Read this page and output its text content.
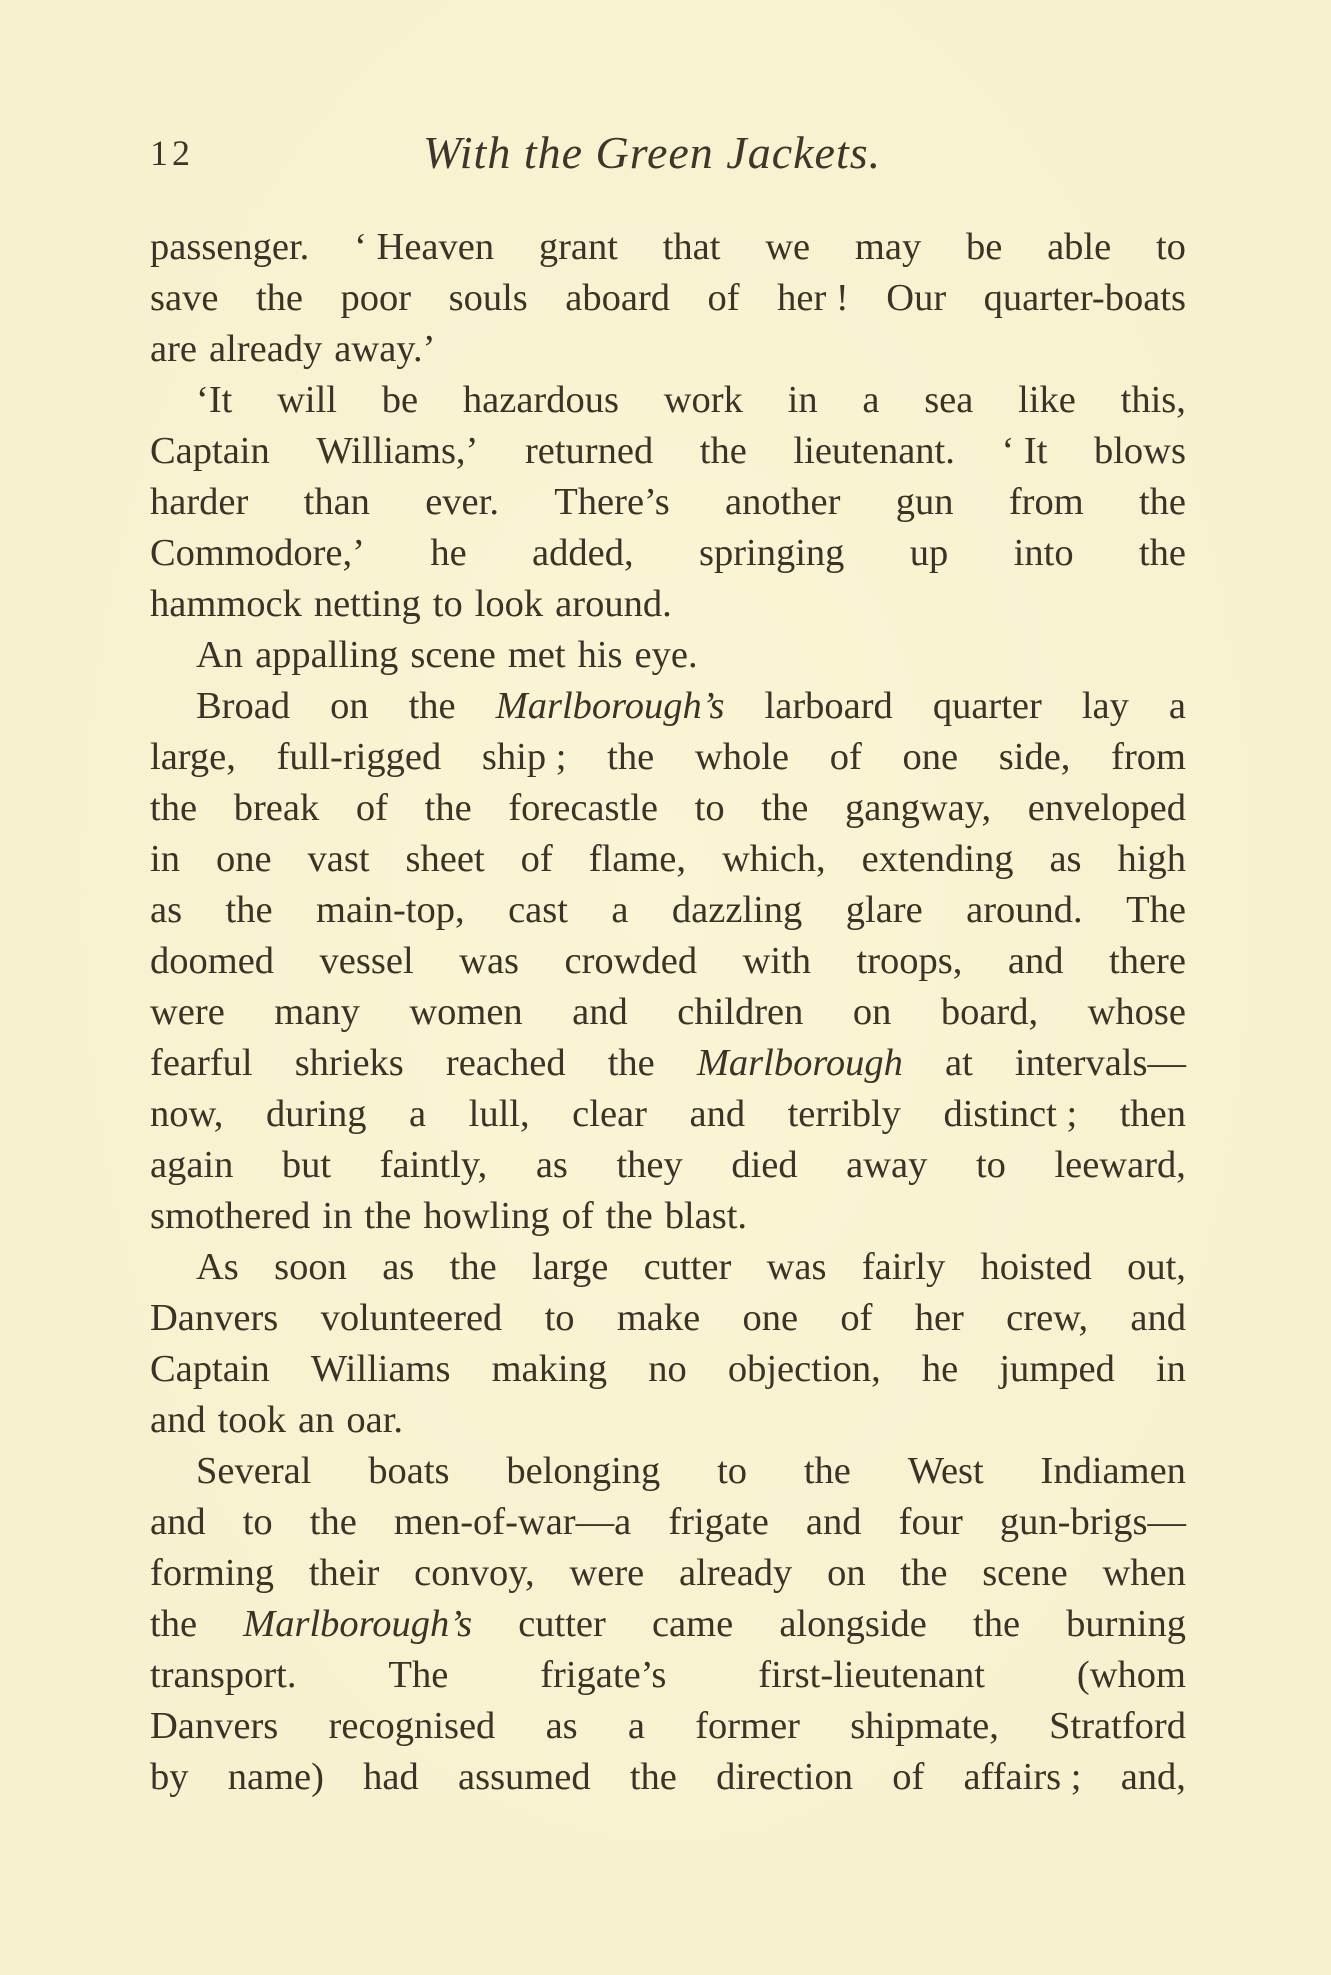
12	With the Green Jackets.
passenger. ‘ Heaven grant that we may be able to
save the poor souls aboard of her ! Our quarter-boats
are already away.’
‘It will be hazardous work in a sea like this,
Captain Williams,’ returned the lieutenant. ‘ It blows
harder than ever. There’s another gun from the
Commodore,’ he added, springing up into the
hammock netting to look around.
An appalling scene met his eye.
Broad on the Marlborough’s larboard quarter lay a
large, full-rigged ship ; the whole of one side, from
the break of the forecastle to the gangway, enveloped
in one vast sheet of flame, which, extending as high
as the main-top, cast a dazzling glare around. The
doomed vessel was crowded with troops, and there
were many women and children on board, whose
fearful shrieks reached the Marlborough at intervals—
now, during a lull, clear and terribly distinct ; then
again but faintly, as they died away to leeward,
smothered in the howling of the blast.
As soon as the large cutter was fairly hoisted out,
Danvers volunteered to make one of her crew, and
Captain Williams making no objection, he jumped in
and took an oar.
Several boats belonging to the West Indiamen
and to the men-of-war—a frigate and four gun-brigs—
forming their convoy, were already on the scene when
the Marlborough’s cutter came alongside the burning
transport. The frigate’s first-lieutenant (whom
Danvers recognised as a former shipmate, Stratford
by name) had assumed the direction of affairs ; and,
